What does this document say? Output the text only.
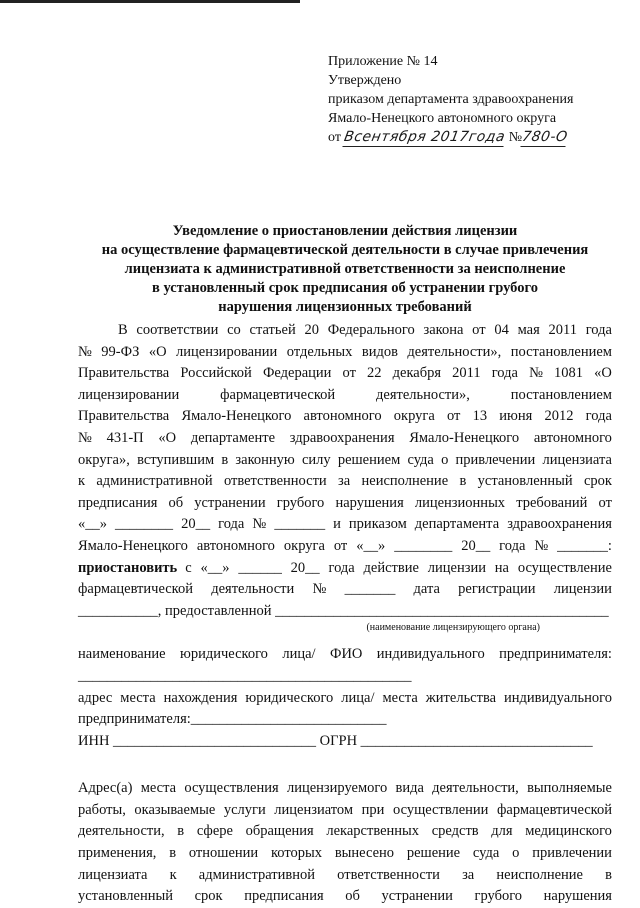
Приложение № 14
Утверждено
приказом департамента здравоохранения
Ямало-Ненецкого автономного округа
от Всентября 2017года №780-О
Уведомление о приостановлении действия лицензии
на осуществление фармацевтической деятельности в случае привлечения
лицензиата к административной ответственности за неисполнение
в установленный срок предписания об устранении грубого
нарушения лицензионных требований
В соответствии со статьей 20 Федерального закона от 04 мая 2011 года
№ 99-ФЗ «О лицензировании отдельных видов деятельности», постановлением
Правительства Российской Федерации от 22 декабря 2011 года № 1081 «О
лицензировании	фармацевтической	деятельности»,	постановлением
Правительства Ямало-Ненецкого автономного округа от 13 июня 2012 года
№ 431-П «О департаменте здравоохранения Ямало-Ненецкого автономного
округа», вступившим в законную силу решением суда о привлечении лицензиата
к административной ответственности за неисполнение в установленный срок
предписания об устранении грубого нарушения лицензионных требований от
«__» ________ 20__ года № _______ и приказом департамента здравоохранения
Ямало-Ненецкого автономного округа от «__» ________ 20__ года № _______:
приостановить с «__» ______ 20__ года действие лицензии на осуществление
фармацевтической деятельности № _______ дата регистрации лицензии
___________, предоставленной ______________________________________________
(наименование лицензирующего органа)
наименование юридического лица/ ФИО индивидуального предпринимателя:
______________________________________________
адрес места нахождения юридического лица/ места жительства индивидуального
предпринимателя:___________________________
ИНН ____________________________ ОГРН ________________________________
Адрес(а) места осуществления лицензируемого вида деятельности, выполняемые
работы, оказываемые услуги лицензиатом при осуществлении фармацевтической
деятельности, в сфере обращения лекарственных средств для медицинского
применения, в отношении которых вынесено решение суда о привлечении
лицензиата к административной ответственности за неисполнение в
установленный срок предписания об устранении грубого нарушения
